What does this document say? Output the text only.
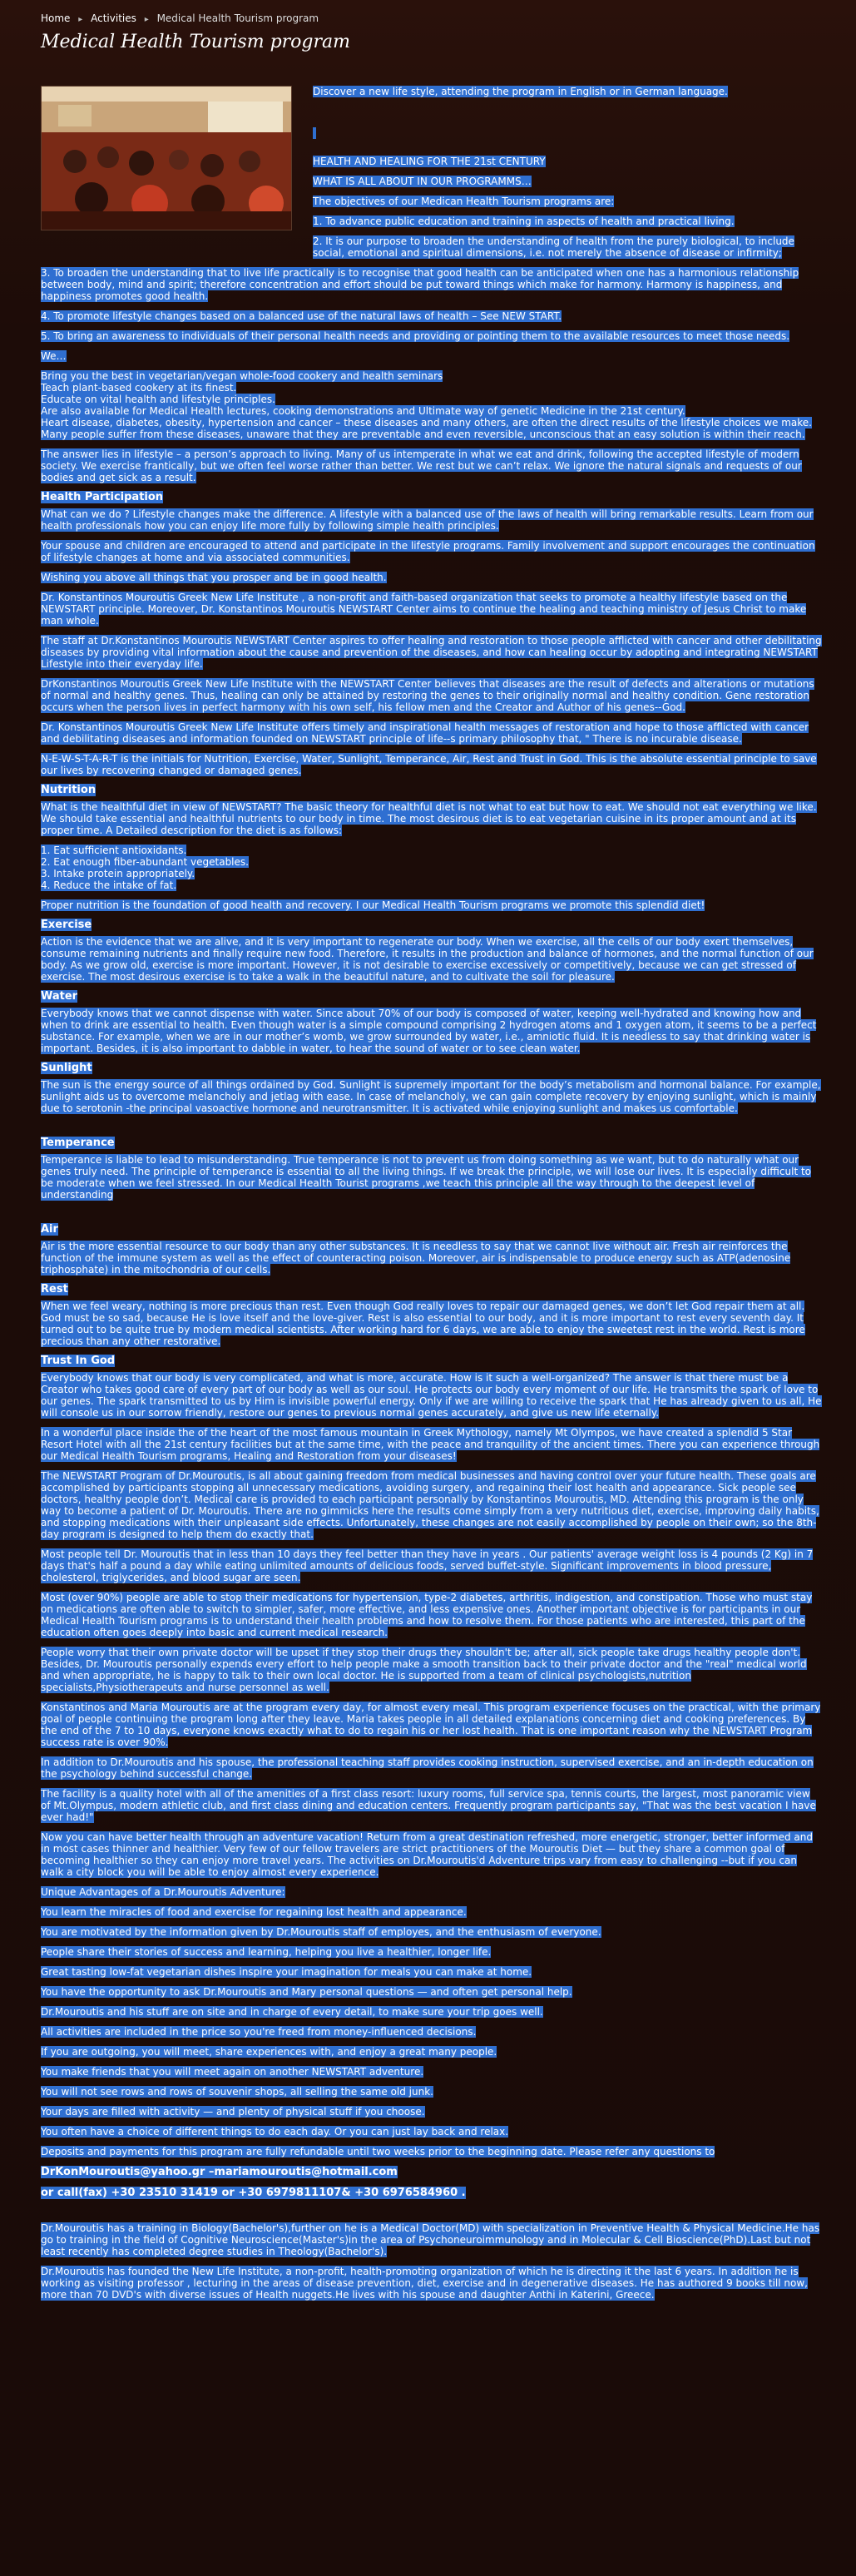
Home ▸ Activities ▸ Medical Health Tourism program
Medical Health Tourism program
Discover a new life style, attending the program in English or in German language.

HEALTH AND HEALING FOR THE 21st CENTURY
WHAT IS ALL ABOUT IN OUR PROGRAMMS…
The objectives of our Medican Health Tourism programs are:
1. To advance public education and training in aspects of health and practical living.
2. It is our purpose to broaden the understanding of health from the purely biological, to include social, emotional and spiritual dimensions, i.e. not merely the absence of disease or infirmity;
3. To broaden the understanding that to live life practically is to recognise that good health can be anticipated when one has a harmonious relationship between body, mind and spirit; therefore concentration and effort should be put toward things which make for harmony. Harmony is happiness, and happiness promotes good health.
4. To promote lifestyle changes based on a balanced use of the natural laws of health – See NEW START.
5. To bring an awareness to individuals of their personal health needs and providing or pointing them to the available resources to meet those needs.
We…
Bring you the best in vegetarian/vegan whole-food cookery and health seminars
Teach plant-based cookery at its finest.
Educate on vital health and lifestyle principles.
Are also available for Medical Health lectures, cooking demonstrations and Ultimate way of genetic Medicine in the 21st century.
Heart disease, diabetes, obesity, hypertension and cancer – these diseases and many others, are often the direct results of the lifestyle choices we make.
Many people suffer from these diseases, unaware that they are preventable and even reversible, unconscious that an easy solution is within their reach.
The answer lies in lifestyle – a person’s approach to living. Many of us intemperate in what we eat and drink, following the accepted lifestyle of modern society. We exercise frantically, but we often feel worse rather than better. We rest but we can’t relax. We ignore the natural signals and requests of our bodies and get sick as a result.
Health Participation
What can we do ? Lifestyle changes make the difference. A lifestyle with a balanced use of the laws of health will bring remarkable results. Learn from our health professionals how you can enjoy life more fully by following simple health principles.
Your spouse and children are encouraged to attend and participate in the lifestyle programs. Family involvement and support encourages the continuation of lifestyle changes at home and via associated communities.
Wishing you above all things that you prosper and be in good health.
Dr. Konstantinos Mouroutis Greek New Life Institute , a non-profit and faith-based organization that seeks to promote a healthy lifestyle based on the NEWSTART principle. Moreover, Dr. Konstantinos Mouroutis NEWSTART Center aims to continue the healing and teaching ministry of Jesus Christ to make man whole.
The staff at Dr.Konstantinos Mouroutis NEWSTART Center aspires to offer healing and restoration to those people afflicted with cancer and other debilitating diseases by providing vital information about the cause and prevention of the diseases, and how can healing occur by adopting and integrating NEWSTART Lifestyle into their everyday life.
DrKonstantinos Mouroutis Greek New Life Institute with the NEWSTART Center believes that diseases are the result of defects and alterations or mutations of normal and healthy genes. Thus, healing can only be attained by restoring the genes to their originally normal and healthy condition. Gene restoration occurs when the person lives in perfect harmony with his own self, his fellow men and the Creator and Author of his genes--God.
Dr. Konstantinos Mouroutis Greek New Life Institute offers timely and inspirational health messages of restoration and hope to those afflicted with cancer and debilitating diseases and information founded on NEWSTART principle of life--s primary philosophy that, " There is no incurable disease.
N-E-W-S-T-A-R-T is the initials for Nutrition, Exercise, Water, Sunlight, Temperance, Air, Rest and Trust in God. This is the absolute essential principle to save our lives by recovering changed or damaged genes.
Nutrition
What is the healthful diet in view of NEWSTART? The basic theory for healthful diet is not what to eat but how to eat. We should not eat everything we like. We should take essential and healthful nutrients to our body in time. The most desirous diet is to eat vegetarian cuisine in its proper amount and at its proper time. A Detailed description for the diet is as follows:
1. Eat sufficient antioxidants.
2. Eat enough fiber-abundant vegetables.
3. Intake protein appropriately.
4. Reduce the intake of fat.
Proper nutrition is the foundation of good health and recovery. I our Medical Health Tourism programs we promote this splendid diet!
Exercise
Action is the evidence that we are alive, and it is very important to regenerate our body. When we exercise, all the cells of our body exert themselves, consume remaining nutrients and finally require new food. Therefore, it results in the production and balance of hormones, and the normal function of our body. As we grow old, exercise is more important. However, it is not desirable to exercise excessively or competitively, because we can get stressed of exercise. The most desirous exercise is to take a walk in the beautiful nature, and to cultivate the soil for pleasure.
Water
Everybody knows that we cannot dispense with water. Since about 70% of our body is composed of water, keeping well-hydrated and knowing how and when to drink are essential to health. Even though water is a simple compound comprising 2 hydrogen atoms and 1 oxygen atom, it seems to be a perfect substance. For example, when we are in our mother’s womb, we grow surrounded by water, i.e., amniotic fluid. It is needless to say that drinking water is important. Besides, it is also important to dabble in water, to hear the sound of water or to see clean water.
Sunlight
The sun is the energy source of all things ordained by God. Sunlight is supremely important for the body’s metabolism and hormonal balance. For example, sunlight aids us to overcome melancholy and jetlag with ease. In case of melancholy, we can gain complete recovery by enjoying sunlight, which is mainly due to serotonin -the principal vasoactive hormone and neurotransmitter. It is activated while enjoying sunlight and makes us comfortable.
Temperance
Temperance is liable to lead to misunderstanding. True temperance is not to prevent us from doing something as we want, but to do naturally what our genes truly need. The principle of temperance is essential to all the living things. If we break the principle, we will lose our lives. It is especially difficult to be moderate when we feel stressed. In our Medical Health Tourist programs ,we teach this principle all the way through to the deepest level of understanding
Air
Air is the more essential resource to our body than any other substances. It is needless to say that we cannot live without air. Fresh air reinforces the function of the immune system as well as the effect of counteracting poison. Moreover, air is indispensable to produce energy such as ATP(adenosine triphosphate) in the mitochondria of our cells.
Rest
When we feel weary, nothing is more precious than rest. Even though God really loves to repair our damaged genes, we don’t let God repair them at all. God must be so sad, because He is love itself and the love-giver. Rest is also essential to our body, and it is more important to rest every seventh day. It turned out to be quite true by modern medical scientists. After working hard for 6 days, we are able to enjoy the sweetest rest in the world. Rest is more precious than any other restorative.
Trust In God
Everybody knows that our body is very complicated, and what is more, accurate. How is it such a well-organized? The answer is that there must be a Creator who takes good care of every part of our body as well as our soul. He protects our body every moment of our life. He transmits the spark of love to our genes. The spark transmitted to us by Him is invisible powerful energy. Only if we are willing to receive the spark that He has already given to us all, He will console us in our sorrow friendly, restore our genes to previous normal genes accurately, and give us new life eternally.
In a wonderful place inside the of the heart of the most famous mountain in Greek Mythology, namely Mt Olympos, we have created a splendid 5 Star Resort Hotel with all the 21st century facilities but at the same time, with the peace and tranquility of the ancient times. There you can experience through our Medical Health Tourism programs, Healing and Restoration from your diseases!
The NEWSTART Program of Dr.Mouroutis, is all about gaining freedom from medical businesses and having control over your future health. These goals are accomplished by participants stopping all unnecessary medications, avoiding surgery, and regaining their lost health and appearance. Sick people see doctors, healthy people don’t. Medical care is provided to each participant personally by Konstantinos Mouroutis, MD. Attending this program is the only way to become a patient of Dr. Mouroutis. There are no gimmicks here the results come simply from a very nutritious diet, exercise, improving daily habits, and stopping medications with their unpleasant side effects. Unfortunately, these changes are not easily accomplished by people on their own; so the 8th-day program is designed to help them do exactly that.
Most people tell Dr. Mouroutis that in less than 10 days they feel better than they have in years . Our patients' average weight loss is 4 pounds (2 Kg) in 7 days that's half a pound a day while eating unlimited amounts of delicious foods, served buffet-style. Significant improvements in blood pressure, cholesterol, triglycerides, and blood sugar are seen.
Most (over 90%) people are able to stop their medications for hypertension, type-2 diabetes, arthritis, indigestion, and constipation. Those who must stay on medications are often able to switch to simpler, safer, more effective, and less expensive ones. Another important objective is for participants in our Medical Health Tourism programs is to understand their health problems and how to resolve them. For those patients who are interested, this part of the education often goes deeply into basic and current medical research.
People worry that their own private doctor will be upset if they stop their drugs they shouldn't be; after all, sick people take drugs healthy people don't. Besides, Dr. Mouroutis personally expends every effort to help people make a smooth transition back to their private doctor and the "real" medical world and when appropriate, he is happy to talk to their own local doctor. He is supported from a team of clinical psychologists,nutrition specialists,Physiotherapeuts and nurse personnel as well.
Konstantinos and Maria Mouroutis are at the program every day, for almost every meal. This program experience focuses on the practical, with the primary goal of people continuing the program long after they leave. Maria takes people in all detailed explanations concerning diet and cooking preferences. By the end of the 7 to 10 days, everyone knows exactly what to do to regain his or her lost health. That is one important reason why the NEWSTART Program success rate is over 90%.
In addition to Dr.Mouroutis and his spouse, the professional teaching staff provides cooking instruction, supervised exercise, and an in-depth education on the psychology behind successful change.
The facility is a quality hotel with all of the amenities of a first class resort: luxury rooms, full service spa, tennis courts, the largest, most panoramic view of Mt.Olympus, modern athletic club, and first class dining and education centers. Frequently program participants say, "That was the best vacation I have ever had!"
Now you can have better health through an adventure vacation! Return from a great destination refreshed, more energetic, stronger, better informed and in most cases thinner and healthier. Very few of our fellow travelers are strict practitioners of the Mouroutis Diet — but they share a common goal of becoming healthier so they can enjoy more travel years. The activities on Dr.Mouroutis'd Adventure trips vary from easy to challenging --but if you can walk a city block you will be able to enjoy almost every experience.
Unique Advantages of a Dr.Mouroutis Adventure:
You learn the miracles of food and exercise for regaining lost health and appearance.
You are motivated by the information given by Dr.Mouroutis staff of employes, and the enthusiasm of everyone.
People share their stories of success and learning, helping you live a healthier, longer life.
Great tasting low-fat vegetarian dishes inspire your imagination for meals you can make at home.
You have the opportunity to ask Dr.Mouroutis and Mary personal questions — and often get personal help.
Dr.Mouroutis and his stuff are on site and in charge of every detail, to make sure your trip goes well.
All activities are included in the price so you're freed from money-influenced decisions.
If you are outgoing, you will meet, share experiences with, and enjoy a great many people.
You make friends that you will meet again on another NEWSTART adventure.
You will not see rows and rows of souvenir shops, all selling the same old junk.
Your days are filled with activity — and plenty of physical stuff if you choose.
You often have a choice of different things to do each day. Or you can just lay back and relax.
Deposits and payments for this program are fully refundable until two weeks prior to the beginning date. Please refer any questions to
DrKonMouroutis@yahoo.gr –mariamouroutis@hotmail.com
or call(fax) +30 23510 31419 or +30 6979811107& +30 6976584960 .
Dr.Mouroutis has a training in Biology(Bachelor's),further on he is a Medical Doctor(MD) with specialization in Preventive Health & Physical Medicine.He has go to training in the field of Cognitive Neuroscience(Master's)in the area of Psychoneuroimmunology and in Molecular & Cell Bioscience(PhD).Last but not least recently has completed degree studies in Theology(Bachelor's).
Dr.Mouroutis has founded the New Life Institute, a non-profit, health-promoting organization of which he is directing it the last 6 years. In addition he is working as visiting professor , lecturing in the areas of disease prevention, diet, exercise and in degenerative diseases. He has authored 9 books till now, more than 70 DVD's with diverse issues of Health nuggets.He lives with his spouse and daughter Anthi in Katerini, Greece.
